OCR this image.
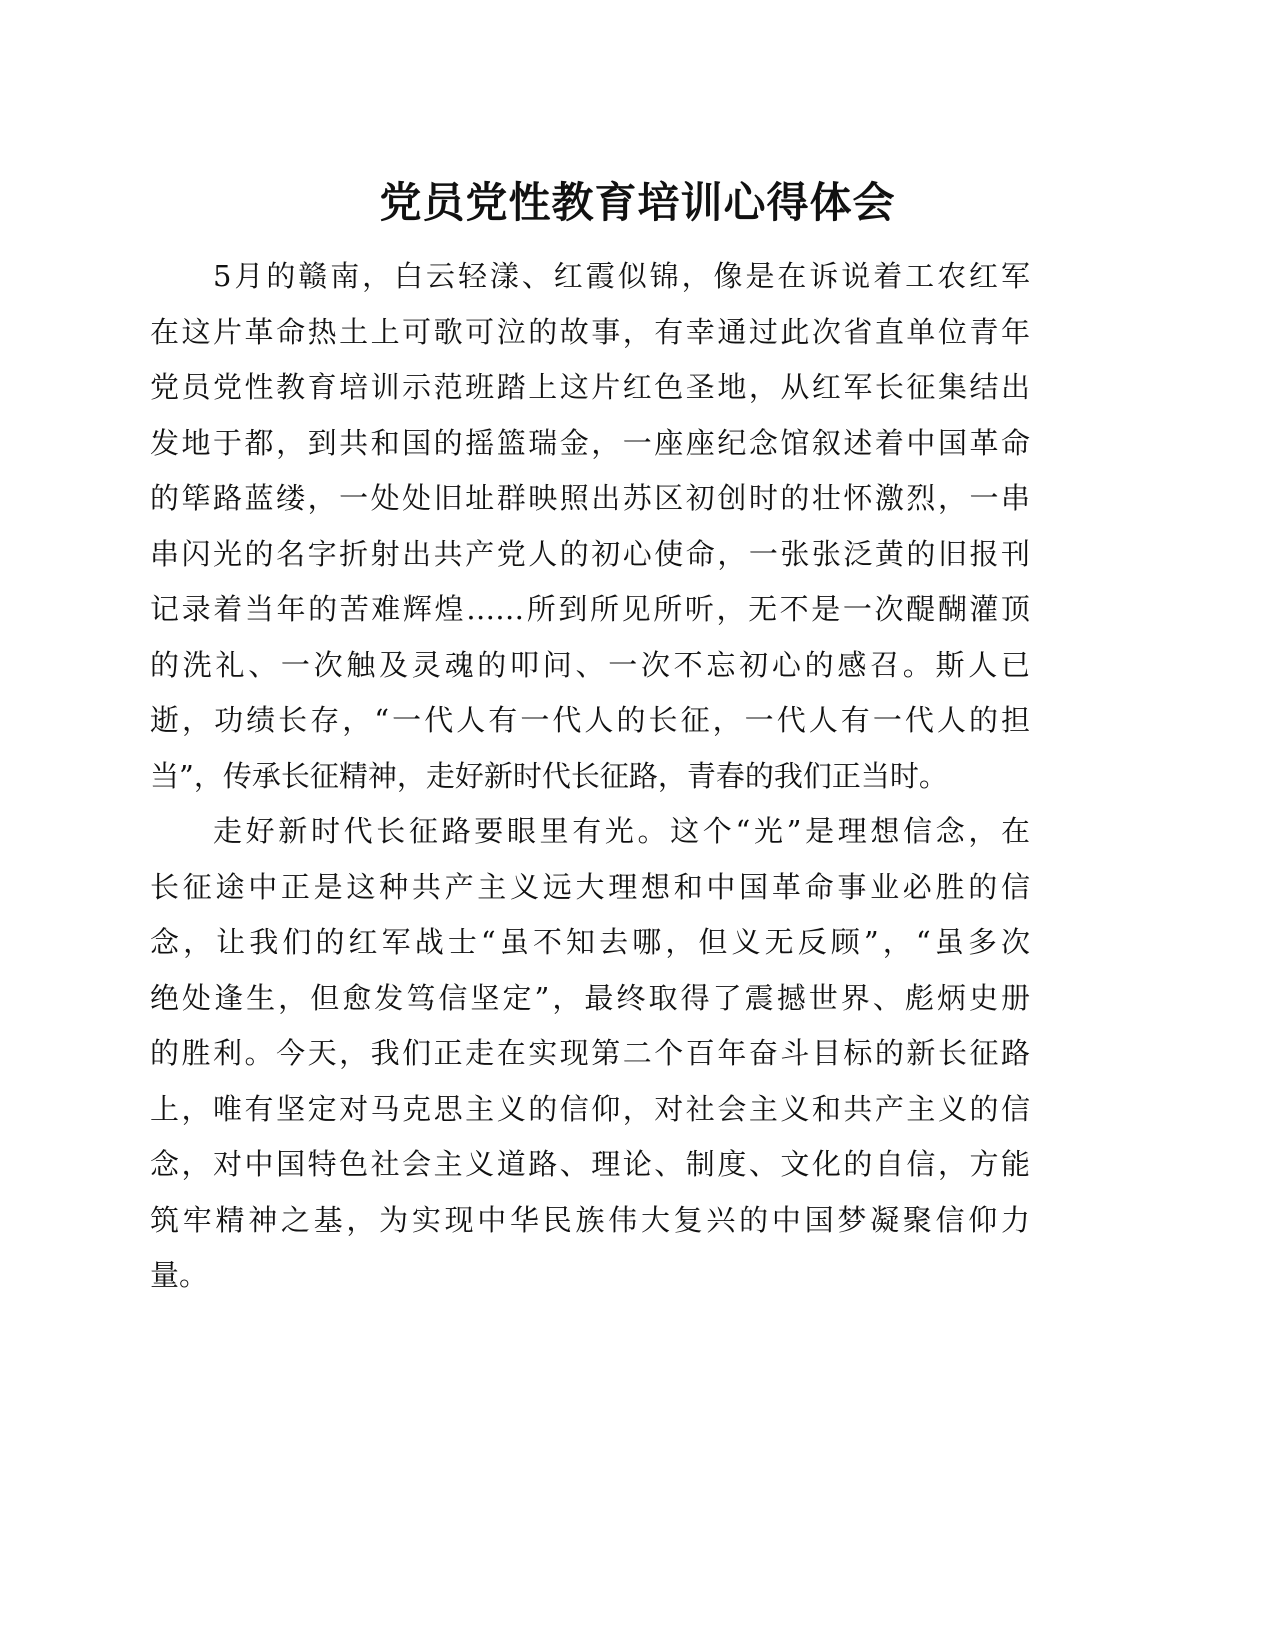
党员党性教育培训心得体会
5月的赣南，白云轻漾、红霞似锦，像是在诉说着工农红军
在这片革命热土上可歌可泣的故事，有幸通过此次省直单位青年
党员党性教育培训示范班踏上这片红色圣地，从红军长征集结出
发地于都，到共和国的摇篮瑞金，一座座纪念馆叙述着中国革命
的筚路蓝缕，一处处旧址群映照出苏区初创时的壮怀激烈，一串
串闪光的名字折射出共产党人的初心使命，一张张泛黄的旧报刊
记录着当年的苦难辉煌……所到所见所听，无不是一次醍醐灌顶
的洗礼、一次触及灵魂的叩问、一次不忘初心的感召。斯人已
逝，功绩长存，“一代人有一代人的长征，一代人有一代人的担
当”，传承长征精神，走好新时代长征路，青春的我们正当时。
走好新时代长征路要眼里有光。这个“光”是理想信念，在
长征途中正是这种共产主义远大理想和中国革命事业必胜的信
念，让我们的红军战士“虽不知去哪，但义无反顾”，“虽多次
绝处逢生，但愈发笃信坚定”，最终取得了震撼世界、彪炳史册
的胜利。今天，我们正走在实现第二个百年奋斗目标的新长征路
上，唯有坚定对马克思主义的信仰，对社会主义和共产主义的信
念，对中国特色社会主义道路、理论、制度、文化的自信，方能
筑牢精神之基，为实现中华民族伟大复兴的中国梦凝聚信仰力
量。
